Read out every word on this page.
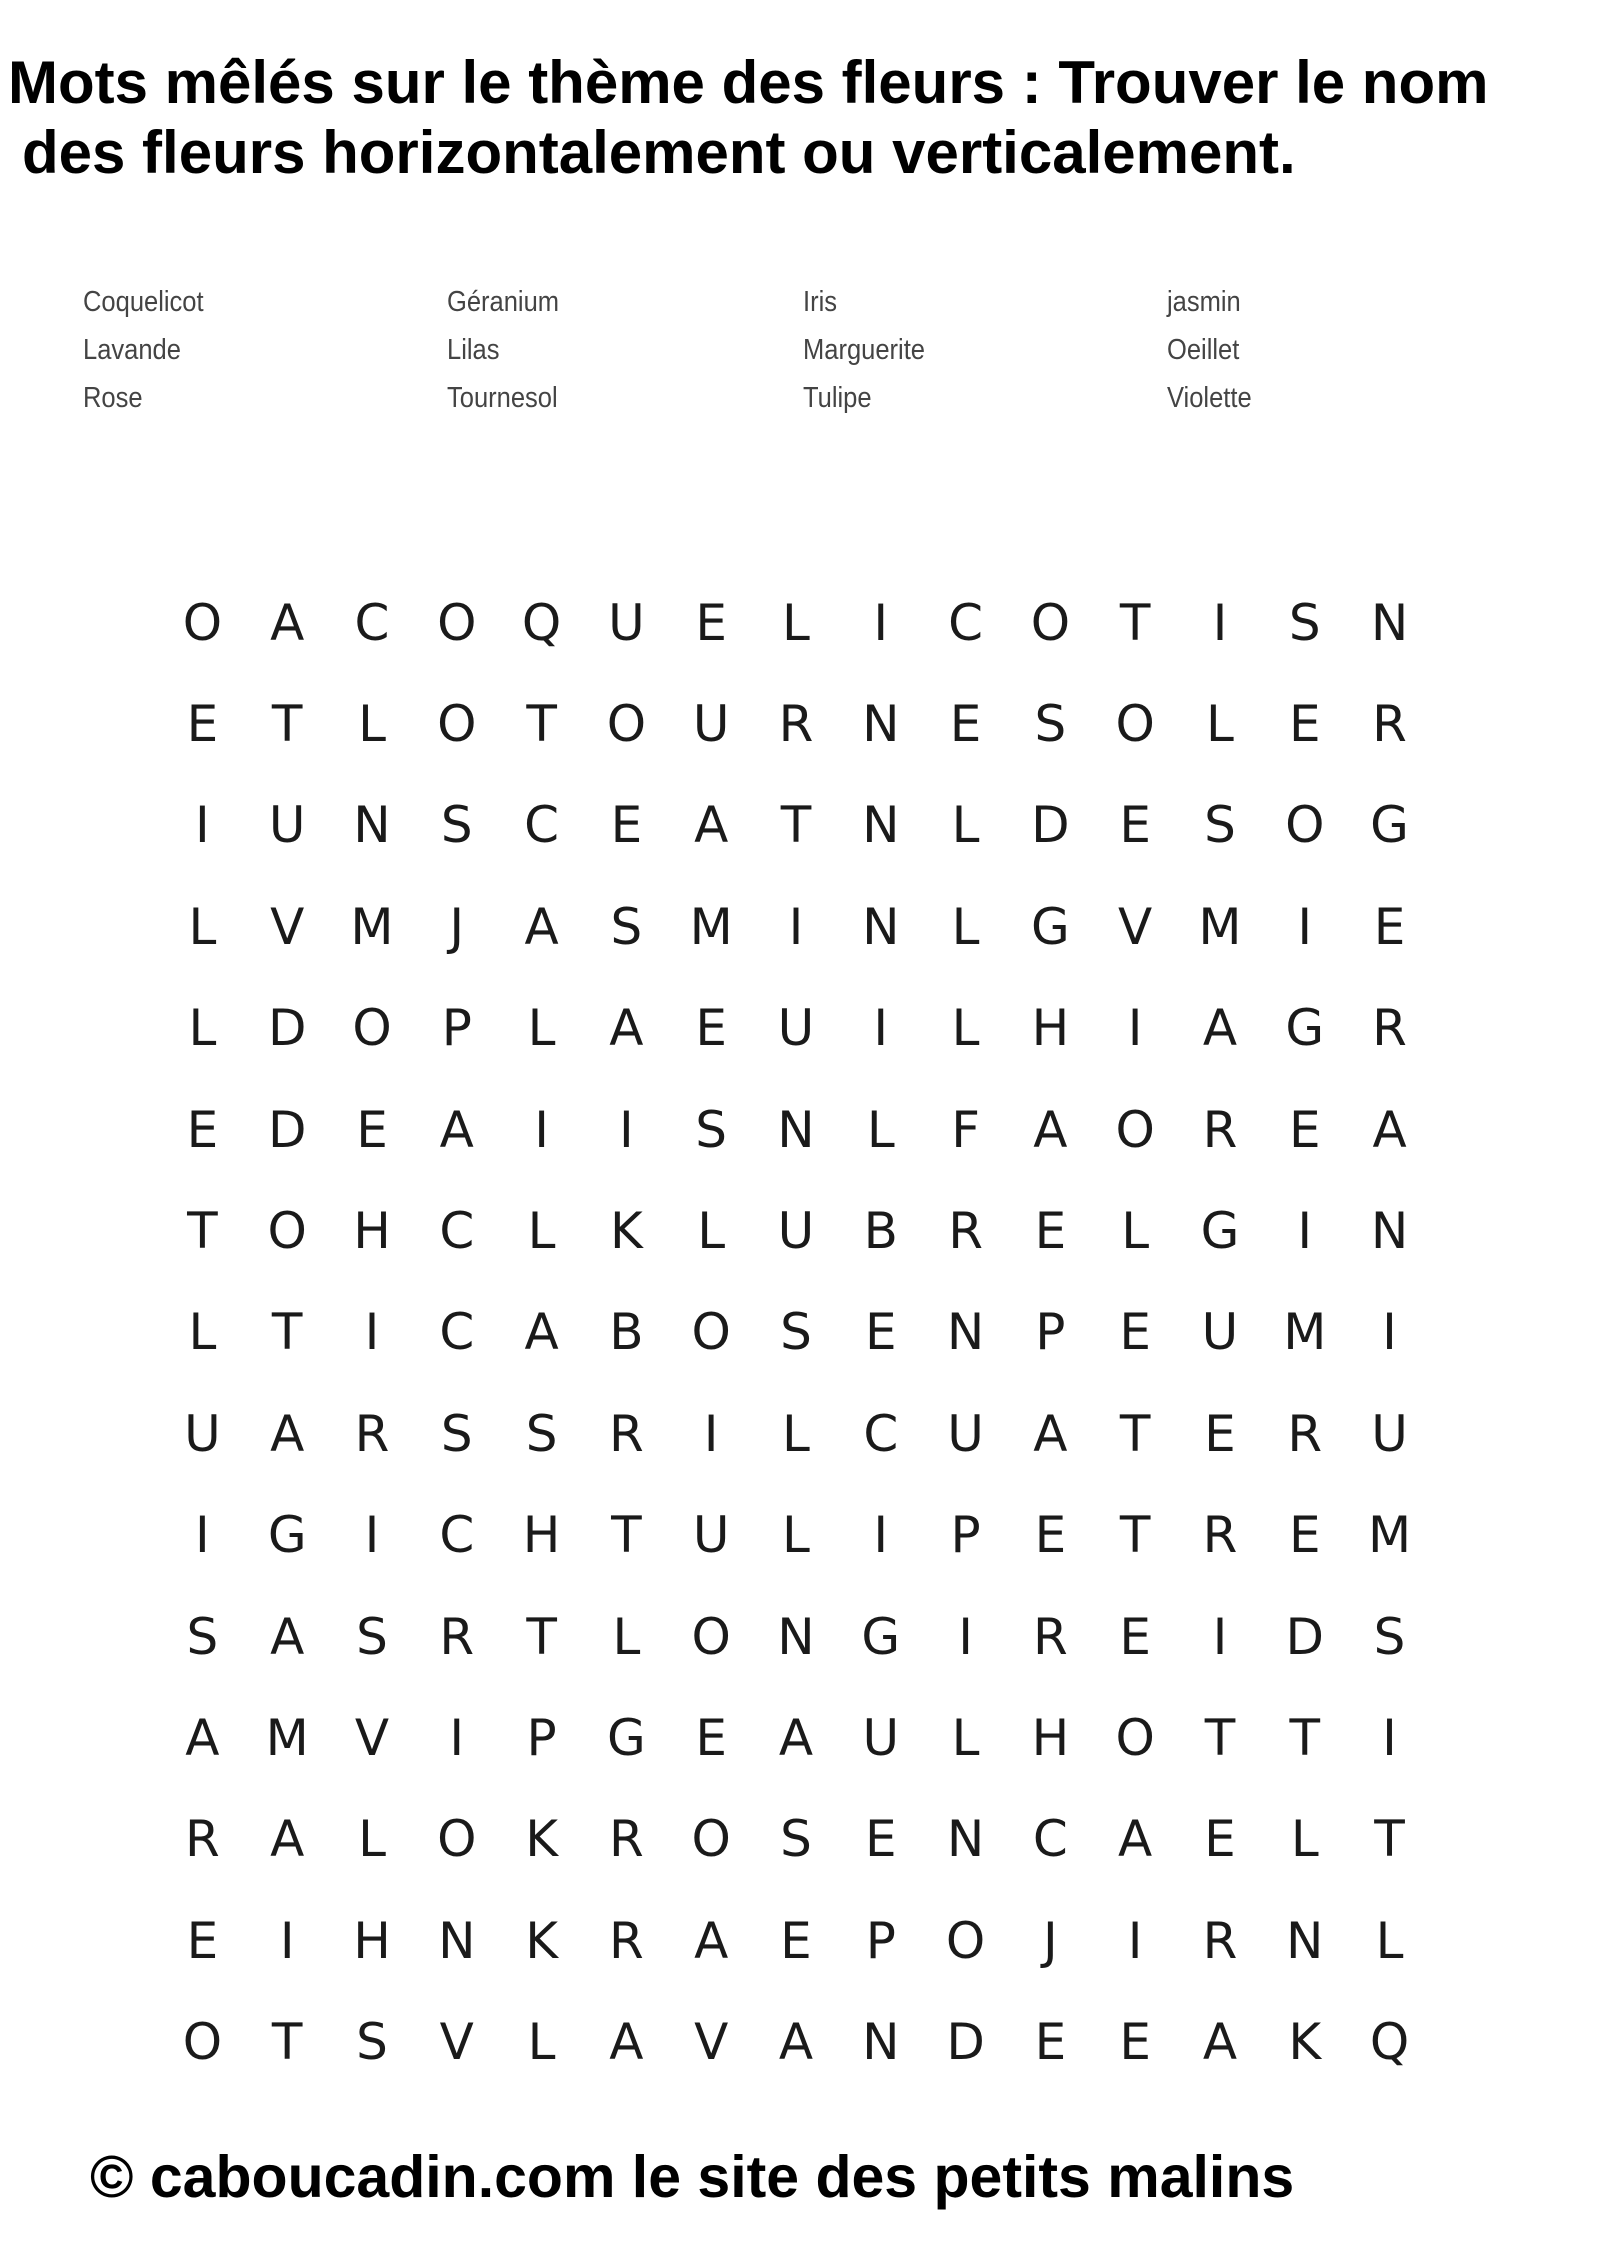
Mots mêlés sur le thème des fleurs : Trouver le nom
des fleurs horizontalement ou verticalement.
Coquelicot	Géranium	Iris	jasmin
Lavande	Lilas	Marguerite	Oeillet
Rose	Tournesol	Tulipe	Violette
O A	C O Q U	E	L	I	C O T	I	S	N
E	T	L	O T O U R N	E	S O	L	E	R
I	U N	S	C	E	A	T	N	L	D E	S O G
L	V M	J	A	S M	I	N	L	G V M	I	E
L	D O	P	L	A	E	U	I	L	H	I	A G R
E D E	A	I	I	S	N	L	F	A O R	E	A
T O H C	L	K	L	U B	R	E	L	G	I	N
L	T	I	C	A	B O S	E	N	P	E	U M	I
U A	R	S	S	R	I	L	C U A	T	E	R U
I	G	I	C H	T	U	L	I	P	E	T	R	E M
S	A	S	R	T	L	O N G	I	R	E	I	D S
A M V	I	P	G E	A U	L	H O T	T	I
R	A	L	O K	R O S	E	N C	A	E	L	T
E	I	H N K	R	A	E	P	O	J	I	R N	L
O T	S	V	L	A	V	A N D E	E	A	K Q
© caboucadin.com le site des petits malins
